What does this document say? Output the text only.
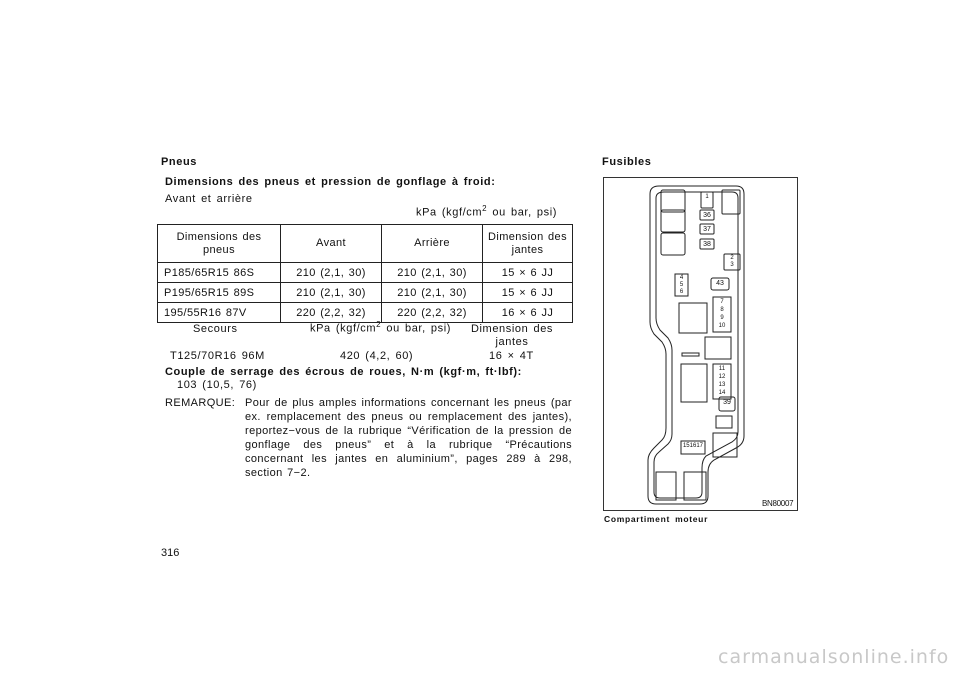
Pneus
Dimensions des pneus et pression de gonflage à froid:
Avant et arrière
kPa ($kgf/cm^2$ ou bar, psi)
Dimensions des pneus	Avant	Arrière	Dimension des jantes
P185/65R15 86S	210 (2,1, 30)	210 (2,1, 30)	15 × 6 JJ
P195/65R15 89S	210 (2,1, 30)	210 (2,1, 30)	15 × 6 JJ
195/55R16 87V	220 (2,2, 32)	220 (2,2, 32)	16 × 6 JJ
Secours	kPa ($kgf/cm^2$ ou bar, psi)	Dimension des jantes
T125/70R16 96M	420 (4,2, 60)	16 × 4T
Couple de serrage des écrous de roues, N·m (kgf·m, ft·lbf):
103 (10,5, 76)
REMARQUE: Pour de plus amples informations concernant les pneus (par ex. remplacement des pneus ou remplacement des jantes), reportez−vous de la rubrique “Vérification de la pression de gonflage des pneus” et à la rubrique “Précautions concernant les jantes en aluminium”, pages 289 à 298, section 7−2.
316
Fusibles
1
36
37
38
2
3
4
5
6
43
7
8
9
10
11
12
13
14
39
151617
BN80007
Compartiment moteur
carmanualsonline.info
